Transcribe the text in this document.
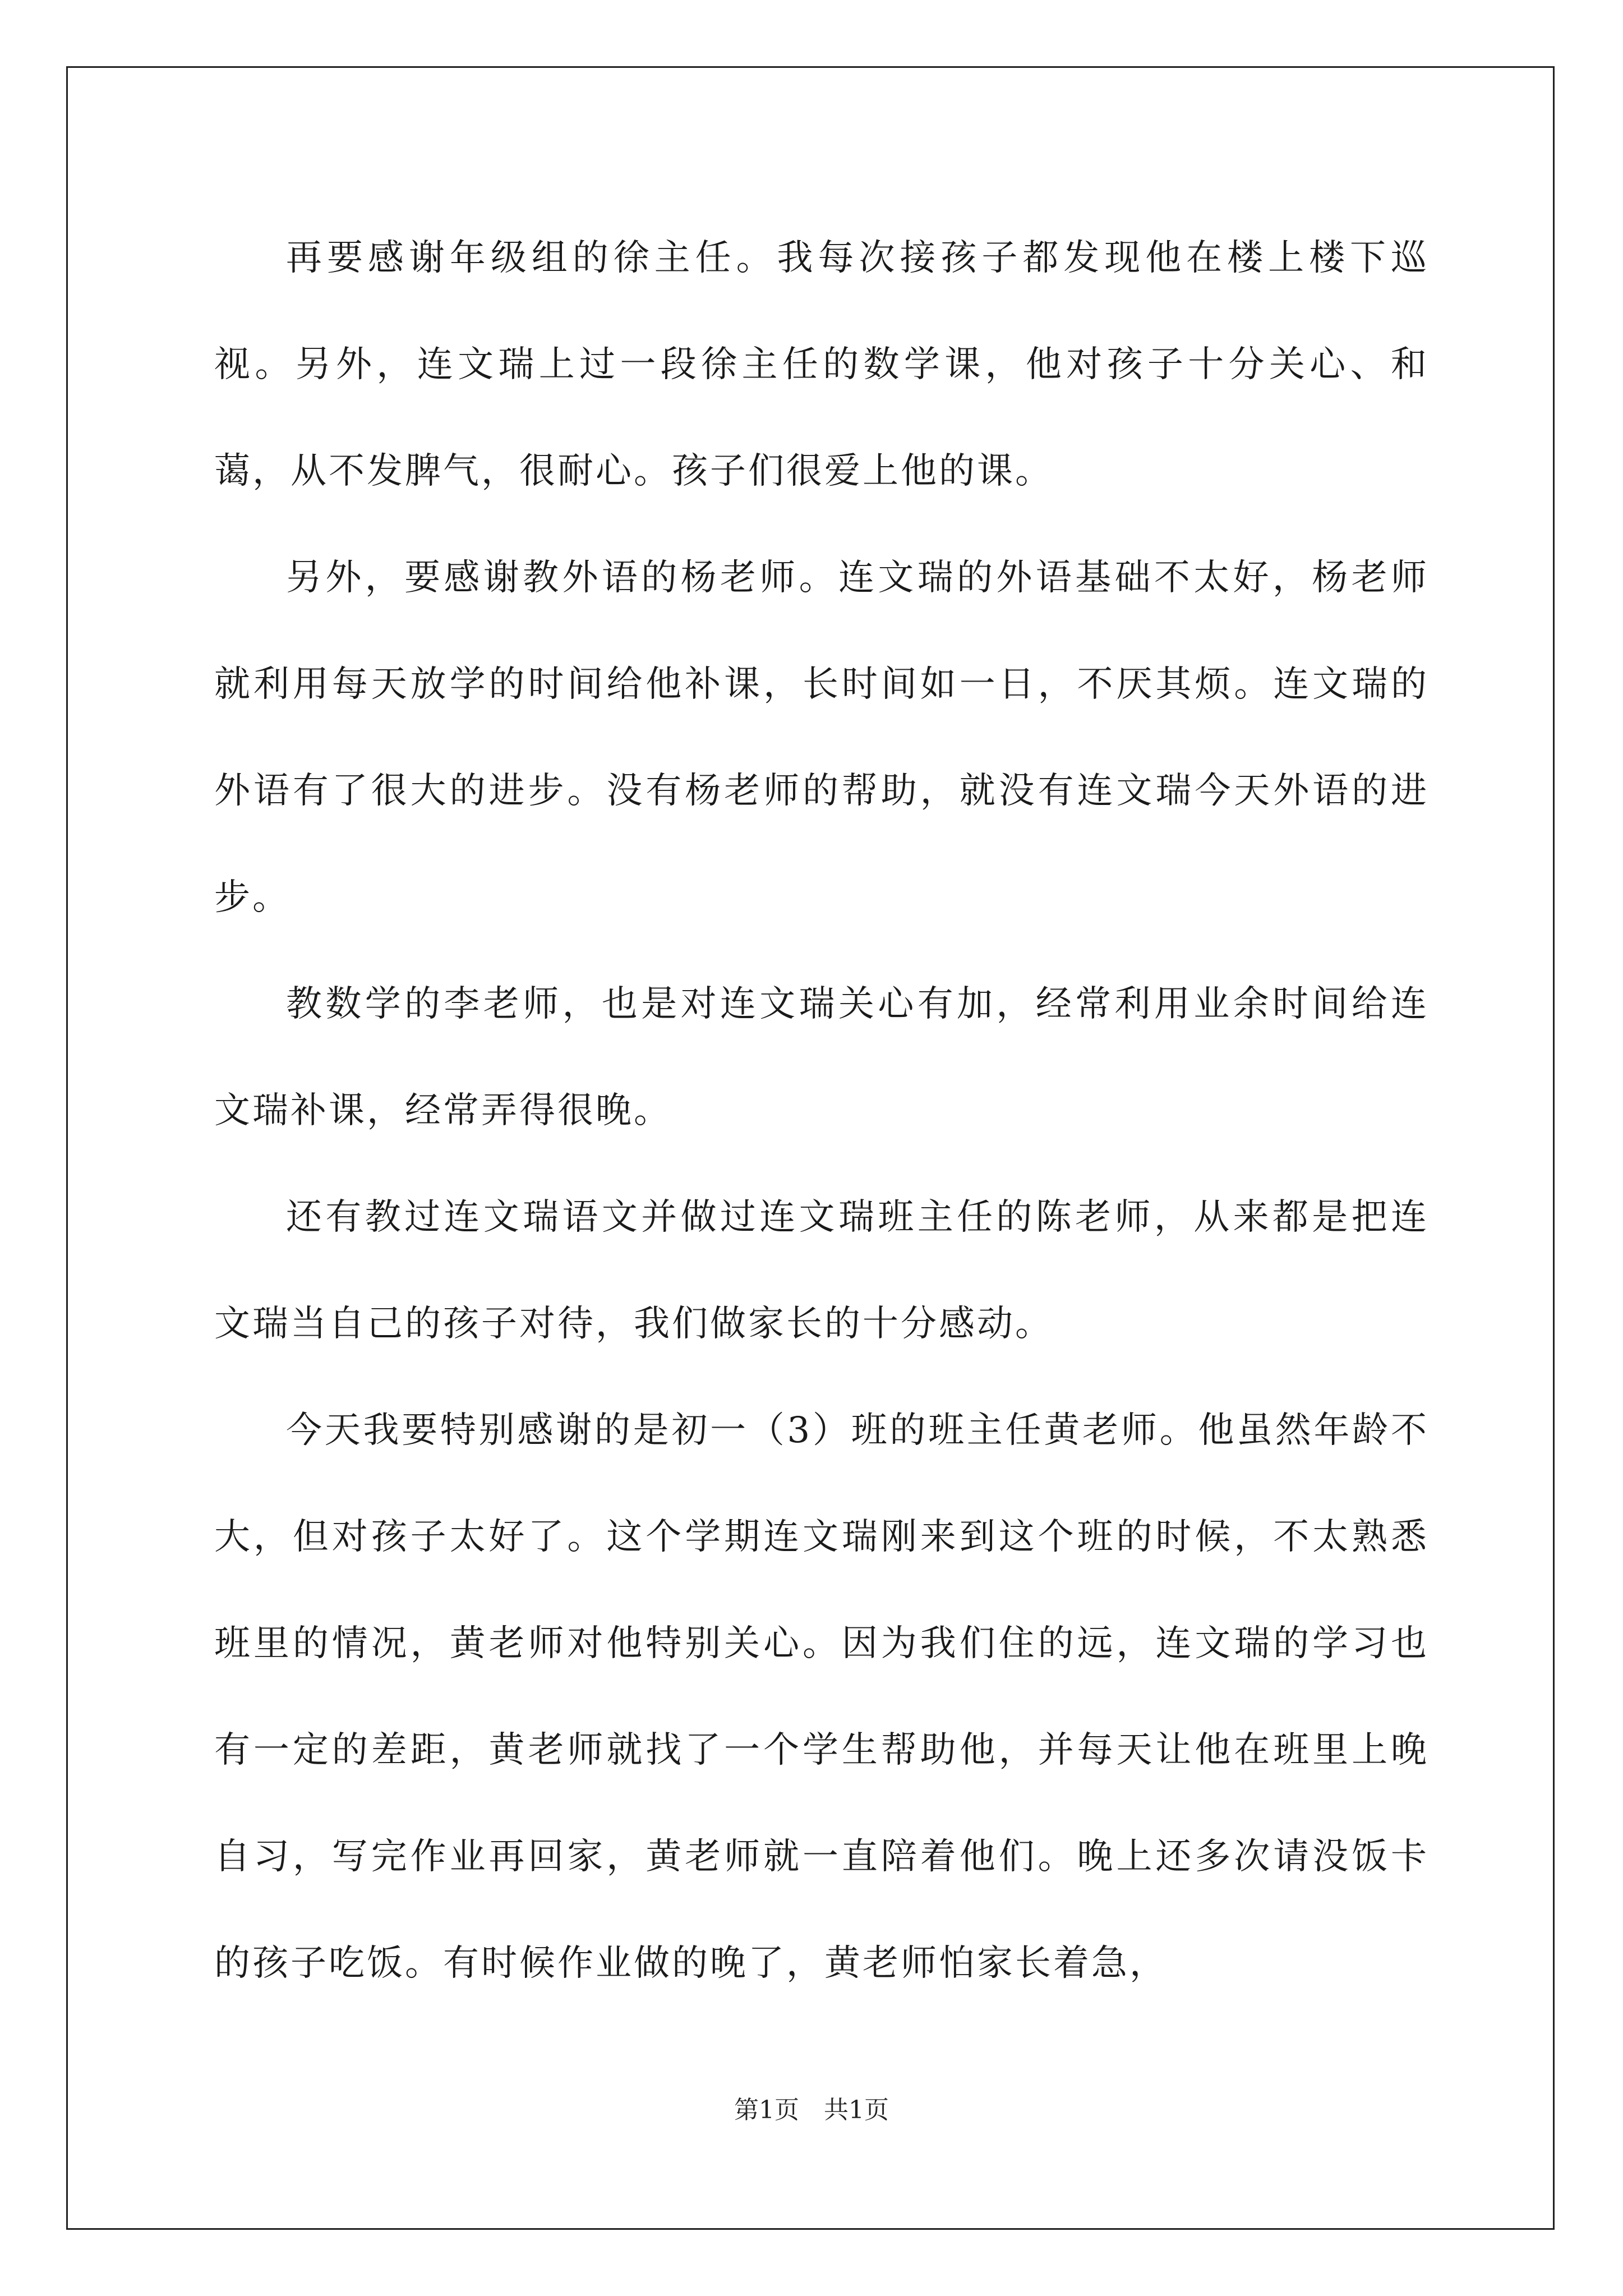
再要感谢年级组的徐主任。我每次接孩子都发现他在楼上楼下巡视。另外，连文瑞上过一段徐主任的数学课，他对孩子十分关心、和蔼，从不发脾气，很耐心。孩子们很爱上他的课。

另外，要感谢教外语的杨老师。连文瑞的外语基础不太好，杨老师就利用每天放学的时间给他补课，长时间如一日，不厌其烦。连文瑞的外语有了很大的进步。没有杨老师的帮助，就没有连文瑞今天外语的进步。

教数学的李老师，也是对连文瑞关心有加，经常利用业余时间给连文瑞补课，经常弄得很晚。

还有教过连文瑞语文并做过连文瑞班主任的陈老师，从来都是把连文瑞当自己的孩子对待，我们做家长的十分感动。

今天我要特别感谢的是初一（3）班的班主任黄老师。他虽然年龄不大，但对孩子太好了。这个学期连文瑞刚来到这个班的时候，不太熟悉班里的情况，黄老师对他特别关心。因为我们住的远，连文瑞的学习也有一定的差距，黄老师就找了一个学生帮助他，并每天让他在班里上晚自习，写完作业再回家，黄老师就一直陪着他们。晚上还多次请没饭卡的孩子吃饭。有时候作业做的晚了，黄老师怕家长着急，

第1页　共1页
